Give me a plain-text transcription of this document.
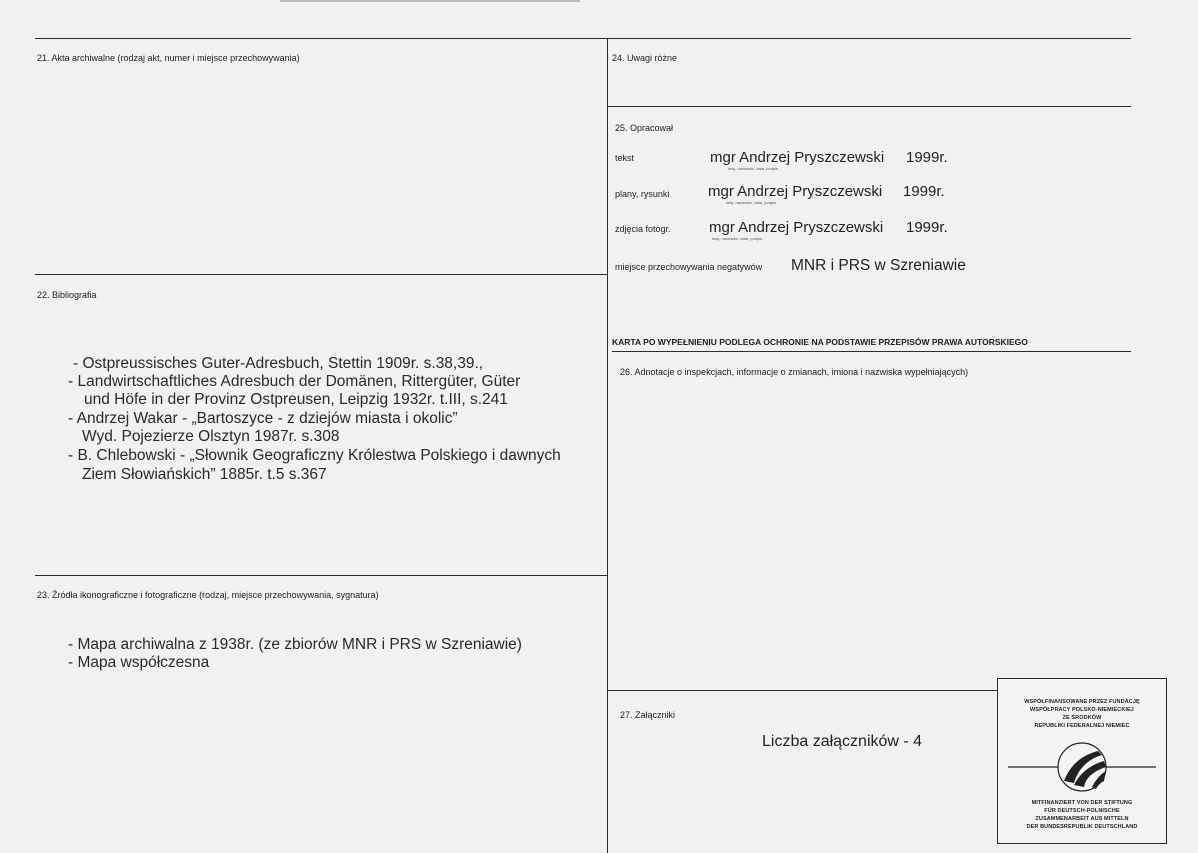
21. Akta archiwalne (rodzaj akt, numer i miejsce przechowywania)
22. Bibliografia
- Ostpreussisches Guter-Adresbuch, Stettin 1909r. s.38,39.,
- Landwirtschaftliches Adresbuch der Domänen, Rittergüter, Güter
und Höfe in der Provinz Ostpreusen, Leipzig 1932r. t.III, s.241
- Andrzej Wakar - „Bartoszyce - z dziejów miasta i okolic”
Wyd. Pojezierze Olsztyn 1987r. s.308
- B. Chlebowski - „Słownik Geograficzny Królestwa Polskiego i dawnych
Ziem Słowiańskich” 1885r. t.5 s.367
23. Źródła ikonograficzne i fotograficzne (rodzaj, miejsce przechowywania, sygnatura)
- Mapa archiwalna z 1938r. (ze zbiorów MNR i PRS w Szreniawie)
- Mapa współczesna
24. Uwagi różne
25. Opracował
tekst	mgr Andrzej Pryszczewski 1999r.
imię, nazwisko, data, podpis
plany, rysunki	mgr Andrzej Pryszczewski 1999r.
imię, nazwisko, data, podpis
zdjęcia fotogr.	mgr Andrzej Pryszczewski 1999r.
imię, nazwisko, data, podpis
miejsce przechowywania negatywów MNR i PRS w Szreniawie
KARTA PO WYPEŁNIENIU PODLEGA OCHRONIE NA PODSTAWIE PRZEPISÓW PRAWA AUTORSKIEGO
26. Adnotacje o inspekcjach, informacje o zmianach, imiona i nazwiska wypełniających)
27. Załączniki
Liczba załączników - 4
WSPÓŁFINANSOWANE PRZEZ FUNDACJĘ
WSPÓŁPRACY POLSKO-NIEMIECKIEJ
ZE ŚRODKÓW
REPUBLIKI FEDERALNEJ NIEMIEC
MITFINANZIERT VON DER STIFTUNG
FÜR DEUTSCH-POLNISCHE
ZUSAMMENARBEIT AUS MITTELN
DER BUNDESREPUBLIK DEUTSCHLAND
